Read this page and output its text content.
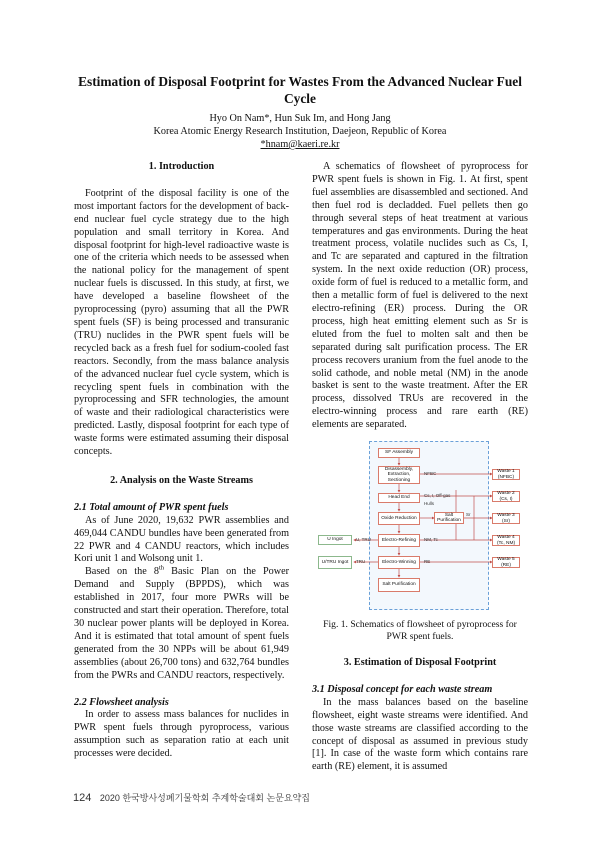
Estimation of Disposal Footprint for Wastes From the Advanced Nuclear Fuel Cycle
Hyo On Nam*, Hun Suk Im, and Hong Jang
Korea Atomic Energy Research Institution, Daejeon, Republic of Korea
*hnam@kaeri.re.kr

1. Introduction

Footprint of the disposal facility is one of the most important factors for the development of back-end nuclear fuel cycle strategy due to the high population and small territory in Korea. And disposal footprint for high-level radioactive waste is one of the criteria which needs to be assessed when the national policy for the management of spent nuclear fuels is discussed. In this study, at first, we have developed a baseline flowsheet of the pyroprocessing (pyro) assuming that all the PWR spent fuels (SF) is being processed and transuranic (TRU) nuclides in the PWR spent fuels will be recycled back as a fresh fuel for sodium-cooled fast reactors. Secondly, from the mass balance analysis of the advanced nuclear fuel cycle system, which is recycling spent fuels in combination with the pyroprocessing and SFR technologies, the amount of waste and their radiological characteristics were predicted. Lastly, disposal footprint for each type of waste forms were estimated assuming their disposal concepts.

2. Analysis on the Waste Streams

2.1 Total amount of PWR spent fuels

As of June 2020, 19,632 PWR assemblies and 469,044 CANDU bundles have been generated from 22 PWR and 4 CANDU reactors, which includes Kori unit 1 and Wolsong unit 1.

Based on the 8th Basic Plan on the Power Demand and Supply (BPPDS), which was established in 2017, four more PWRs will be constructed and start their operation. Therefore, total 30 nuclear power plants will be deployed in Korea. And it is estimated that total amount of spent fuels generated from the 30 NPPs will be about 61,949 assemblies (about 26,700 tons) and 632,764 bundles from the PWRs and CANDU reactors, respectively.

2.2 Flowsheet analysis

In order to assess mass balances for nuclides in PWR spent fuels through pyroprocess, various assumption such as separation ratio at each unit processes were decided.

A schematics of flowsheet of pyroprocess for PWR spent fuels is shown in Fig. 1. At first, spent fuel assemblies are disassembled and sectioned. And then fuel rod is decladded. Fuel pellets then go through several steps of heat treatment at various temperatures and gas environments. During the heat treatment process, volatile nuclides such as Cs, I, and Tc are separated and captured in the filtration system. In the next oxide reduction (OR) process, oxide form of fuel is reduced to a metallic form, and then a metallic form of fuel is delivered to the next electro-refining (ER) process. During the OR process, high heat emitting element such as Sr is eluted from the fuel to molten salt and then be separated during salt purification process. The ER process recovers uranium from the fuel anode to the solid cathode, and noble metal (NM) in the anode basket is sent to the waste treatment. After the ER process, dissolved TRUs are recovered in the electro-winning process and rare earth (RE) elements are separated.

SF Assembly
Disassembly, Extraction, Sectioning
Head End
Oxide Reduction
Electro-Refining
Electro-Winning
Salt Purification
Salt Purification
U Ingot
U/TRU Ingot
Waste 1 (NFBC)
Waste 2 (Cs, I)
Waste 3 (Sr)
Waste 4 (Tc, NM)
Waste 5 (RE)
NFBC
Cs, I, Off-gas
Hulls
Sr
NM, Tc
RE
U, TRU
TRU
Fig. 1. Schematics of flowsheet of pyroprocess for PWR spent fuels.

3. Estimation of Disposal Footprint

3.1 Disposal concept for each waste stream

In the mass balances based on the baseline flowsheet, eight waste streams were identified. And those waste streams are classified according to the concept of disposal as assumed in previous study [1]. In case of the waste form which contains rare earth (RE) element, it is assumed

124 2020 한국방사성폐기물학회 추계학술대회 논문요약집
